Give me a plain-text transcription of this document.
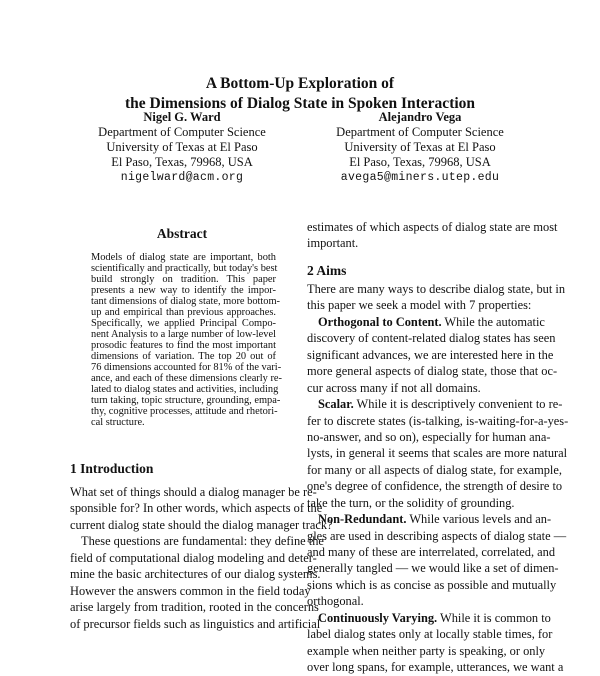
A Bottom-Up Exploration of
the Dimensions of Dialog State in Spoken Interaction
Nigel G. Ward
Department of Computer Science
University of Texas at El Paso
El Paso, Texas, 79968, USA
nigelward@acm.org
Alejandro Vega
Department of Computer Science
University of Texas at El Paso
El Paso, Texas, 79968, USA
avega5@miners.utep.edu
Abstract
Models of dialog state are important, both
scientifically and practically, but today's best
build strongly on tradition. This paper
presents a new way to identify the impor-
tant dimensions of dialog state, more bottom-
up and empirical than previous approaches.
Specifically, we applied Principal Compo-
nent Analysis to a large number of low-level
prosodic features to find the most important
dimensions of variation. The top 20 out of
76 dimensions accounted for 81% of the vari-
ance, and each of these dimensions clearly re-
lated to dialog states and activities, including
turn taking, topic structure, grounding, empa-
thy, cognitive processes, attitude and rhetori-
cal structure.
1 Introduction
What set of things should a dialog manager be re-
sponsible for? In other words, which aspects of the
current dialog state should the dialog manager track?
These questions are fundamental: they define the
field of computational dialog modeling and deter-
mine the basic architectures of our dialog systems.
However the answers common in the field today
arise largely from tradition, rooted in the concerns
of precursor fields such as linguistics and artificial
estimates of which aspects of dialog state are most
important.
2 Aims
There are many ways to describe dialog state, but in
this paper we seek a model with 7 properties:
Orthogonal to Content. While the automatic
discovery of content-related dialog states has seen
significant advances, we are interested here in the
more general aspects of dialog state, those that oc-
cur across many if not all domains.
Scalar. While it is descriptively convenient to re-
fer to discrete states (is-talking, is-waiting-for-a-yes-
no-answer, and so on), especially for human ana-
lysts, in general it seems that scales are more natural
for many or all aspects of dialog state, for example,
one's degree of confidence, the strength of desire to
take the turn, or the solidity of grounding.
Non-Redundant. While various levels and an-
gles are used in describing aspects of dialog state —
and many of these are interrelated, correlated, and
generally tangled — we would like a set of dimen-
sions which is as concise as possible and mutually
orthogonal.
Continuously Varying. While it is common to
label dialog states only at locally stable times, for
example when neither party is speaking, or only
over long spans, for example, utterances, we want a
